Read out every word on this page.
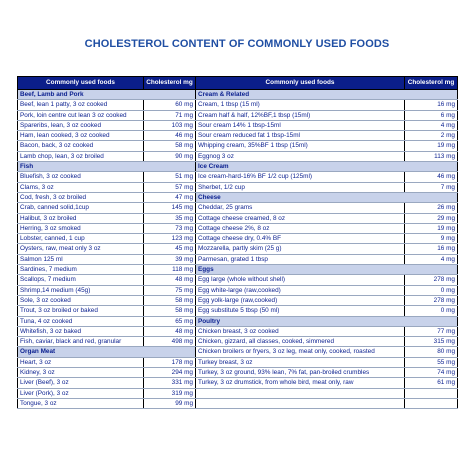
CHOLESTEROL CONTENT OF COMMONLY USED FOODS
Commonly used foods	Cholesterol mg	Commonly used foods	Cholesterol mg
Beef, Lamb and Pork		Cream & Related	
Beef, lean 1 patty, 3 oz cooked	60 mg	Cream, 1 tbsp (15 ml)	16 mg
Pork, loin centre cut lean 3 oz cooked	71 mg	Cream half & half, 12%BF,1 tbsp (15ml)	6 mg
Spareribs, lean, 3 oz cooked	103 mg	Sour cream 14% 1 tbsp-15ml	4 mg
Ham, lean cooked, 3 oz cooked	46 mg	Sour cream reduced fat 1 tbsp-15ml	2 mg
Bacon, back, 3 oz cooked	58 mg	Whipping cream, 35%BF 1 tbsp (15ml)	19 mg
Lamb chop, lean, 3 oz broiled	90 mg	Eggnog 3 oz	113 mg
Fish		Ice Cream	
Bluefish, 3 oz cooked	51 mg	Ice cream-hard-16% BF 1/2 cup (125ml)	46 mg
Clams, 3 oz	57 mg	Sherbet, 1/2 cup	7 mg
Cod, fresh, 3 oz broiled	47 mg	Cheese	
Crab, canned solid,1cup	145 mg	Cheddar, 25 grams	26 mg
Halibut, 3 oz broiled	35 mg	Cottage cheese creamed, 8 oz	29 mg
Herring, 3 oz smoked	73 mg	Cottage cheese 2%, 8 oz	19 mg
Lobster, canned, 1 cup	123 mg	Cottage cheese dry, 0.4% BF	9 mg
Oysters, raw, meat only 3 oz	45 mg	Mozzarella, partly skim (25 g)	16 mg
Salmon 125 ml	39 mg	Parmesan, grated 1 tbsp	4 mg
Sardines, 7 medium	118 mg	Eggs	
Scallops, 7 medium	48 mg	Egg large (whole without shell)	278 mg
Shrimp,14 medium (45g)	75 mg	Egg white-large (raw,cooked)	0 mg
Sole, 3 oz cooked	58 mg	Egg yolk-large (raw,cooked)	278 mg
Trout, 3 oz broiled or baked	58 mg	Egg substitute 5 tbsp (50 ml)	0 mg
Tuna, 4 oz cooked	65 mg	Poultry	
Whitefish, 3 oz baked	48 mg	Chicken breast, 3 oz cooked	77 mg
Fish, caviar, black and red, granular	498 mg	Chicken, gizzard, all classes, cooked, simmered	315 mg
Organ Meat		Chicken broilers or fryers, 3 oz leg, meat only, cooked, roasted	80 mg
Heart, 3 oz	178 mg	Turkey breast, 3 oz	55 mg
Kidney, 3 oz	294 mg	Turkey, 3 oz ground, 93% lean, 7% fat, pan-broiled crumbles	74 mg
Liver (Beef), 3 oz	331 mg	Turkey, 3 oz drumstick, from whole bird, meat only, raw	61 mg
Liver (Pork), 3 oz	319 mg		
Tongue, 3 oz	99 mg		
